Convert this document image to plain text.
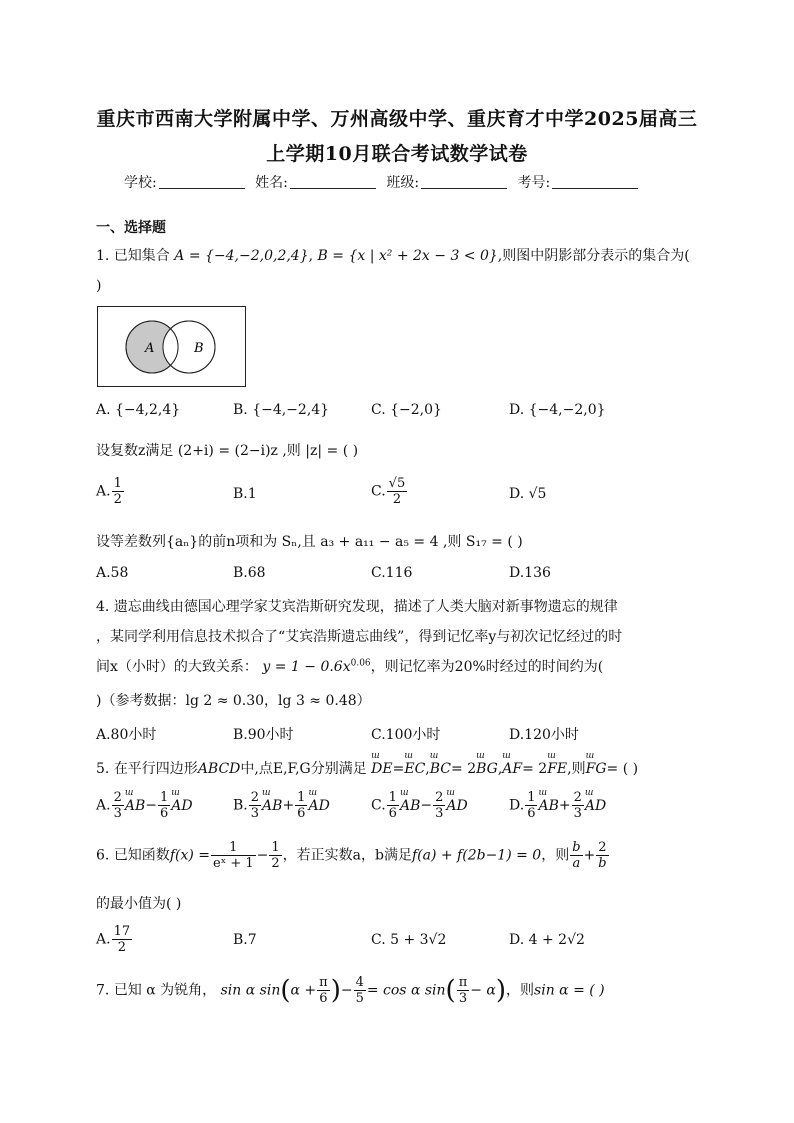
重庆市西南大学附属中学、万州高级中学、重庆育才中学2025届高三
上学期10月联合考试数学试卷
学校:	姓名:	班级:	考号:
一、选择题
1. 已知集合 A = {−4,−2,0,2,4}, B = {x | x² + 2x − 3 < 0},则图中阴影部分表示的集合为(
)
A	B
A. {−4,2,4}	B. {−4,−2,4}	C. {−2,0}	D. {−4,−2,0}
设复数z满足 (2+i) = (2−i)z ,则 |z| = ( )
A. $\frac{1}{2}$	B.1	C. $\frac{√5}{2}$	D. √5
设等差数列{aₙ}的前n项和为 Sₙ,且 a₃ + a₁₁ − a₅ = 4 ,则 S₁₇ = ( )
A.58	B.68	C.116	D.136
4. 遗忘曲线由德国心理学家艾宾浩斯研究发现，描述了人类大脑对新事物遗忘的规律
，某同学利用信息技术拟合了“艾宾浩斯遗忘曲线”，得到记忆率y与初次记忆经过的时
间x（小时）的大致关系： $y = 1 - 0.6x^{0.06}$，则记忆率为20%时经过的时间约为(
)（参考数据：lg 2 ≈ 0.30，lg 3 ≈ 0.48）
A.80小时	B.90小时	C.100小时	D.120小时
5. 在平行四边形ABCD中,点E,F,G分别满足 ш DE=ш EC,ш BC= 2ш BG,ш AF= 2ш FE,则ш FG= ( )
A. $\frac{2}{3}$ ш $AB- \frac{1}{6}$ ш AD	B. $\frac{2}{3}$ ш $AB+ \frac{1}{6}$ ш AD	C. $\frac{1}{6}$ ш $AB- \frac{2}{3}$ ш AD	D. $\frac{1}{6}$ ш $AB+ \frac{2}{3}$ ш AD
6. 已知函数$f(x) = \frac{1}{\text{eˣ + 1}} - \frac{1}{2}$ ，若正实数a，b满足f(a) + f(2b−1) = 0，则 $\frac{b}{a} + \frac{2}{b}$
的最小值为( )
A. $\frac{17}{2}$	B.7	C. 5 + 3√2	D. 4 + 2√2
7. 已知 α 为锐角， sin α $\sin(\alpha + \frac{\pi}{6}$ )− $\frac{4}{5} = \cos \alpha$ $\sin( \frac{\pi}{3} - \alpha)$，则sin α = ( )
